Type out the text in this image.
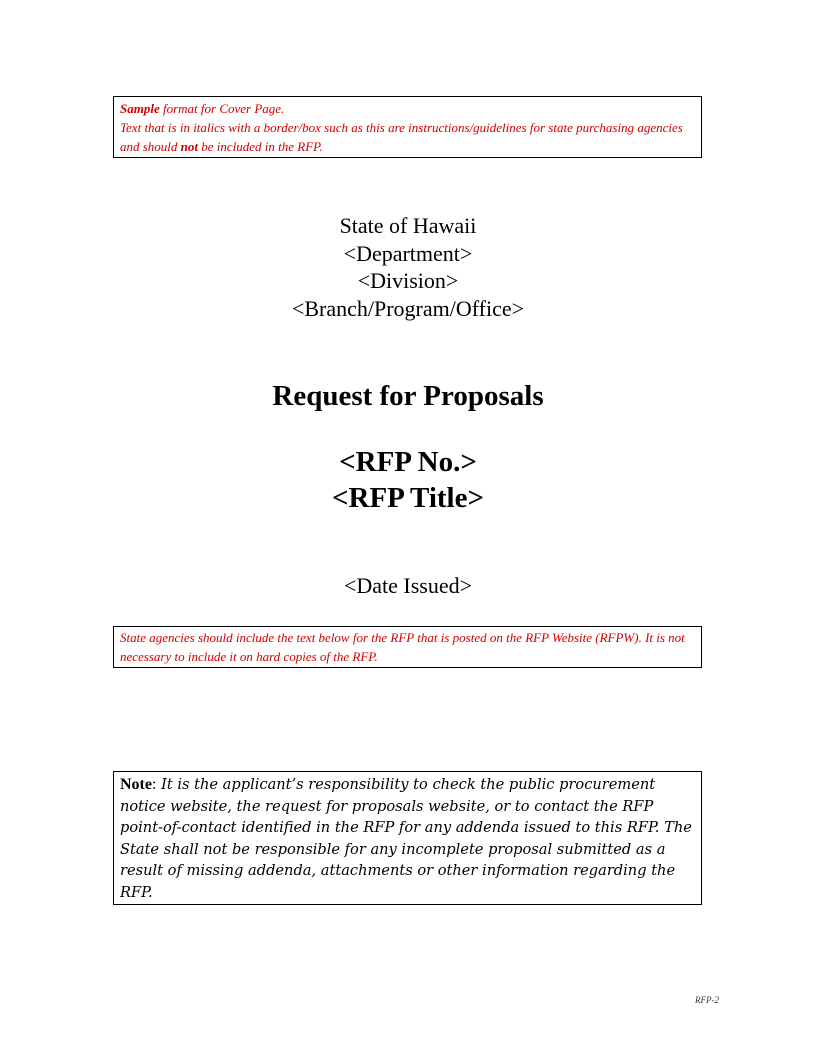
Sample format for Cover Page.
Text that is in italics with a border/box such as this are instructions/guidelines for state purchasing agencies and should not be included in the RFP.
State of Hawaii
<Department>
<Division>
<Branch/Program/Office>
Request for Proposals
<RFP No.>
<RFP Title>
<Date Issued>
State agencies should include the text below for the RFP that is posted on the RFP Website (RFPW). It is not necessary to include it on hard copies of the RFP.
Note: It is the applicant’s responsibility to check the public procurement notice website, the request for proposals website, or to contact the RFP point-of-contact identified in the RFP for any addenda issued to this RFP. The State shall not be responsible for any incomplete proposal submitted as a result of missing addenda, attachments or other information regarding the RFP.
RFP-2
